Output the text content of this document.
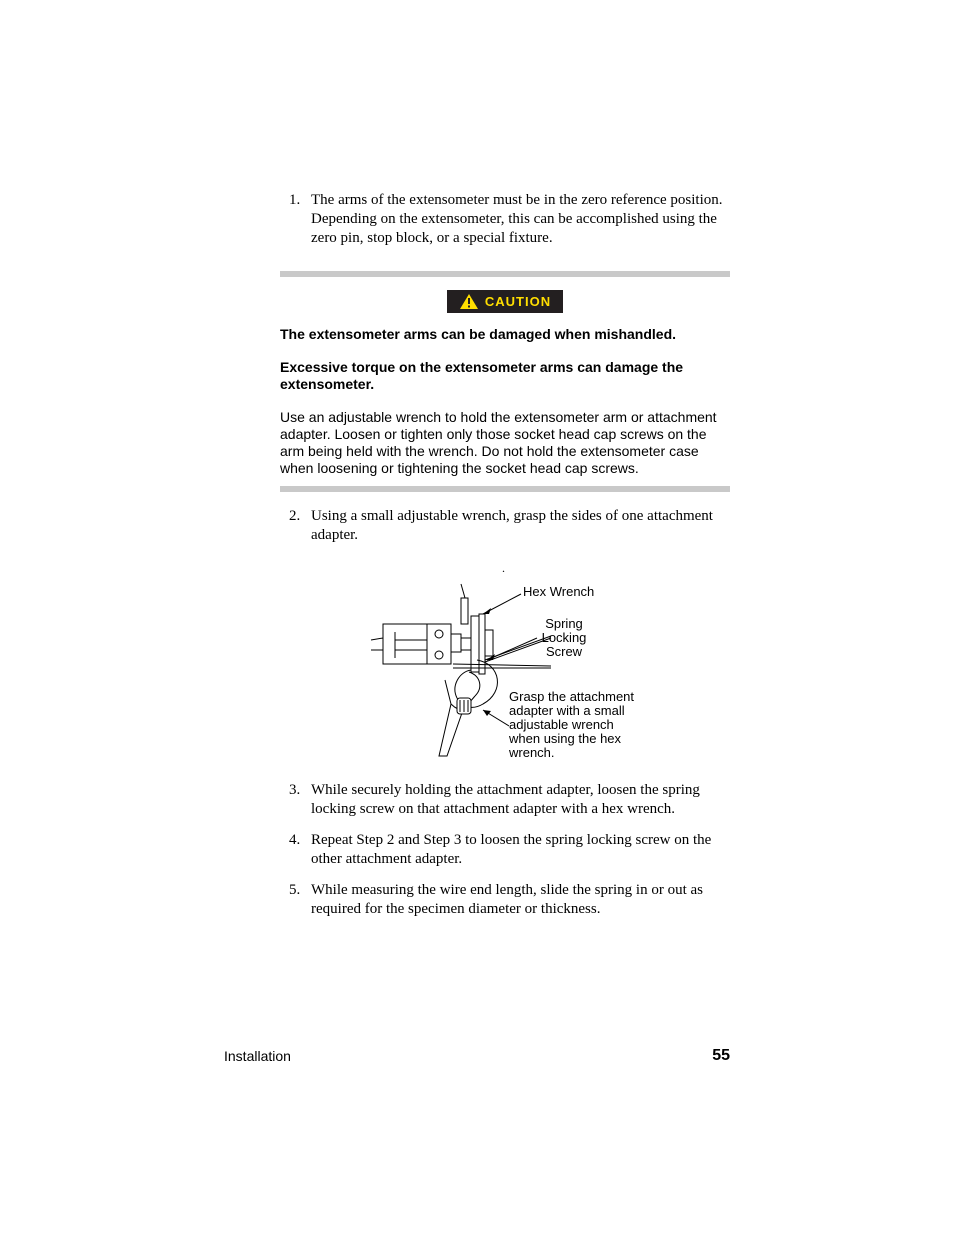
1. The arms of the extensometer must be in the zero reference position. Depending on the extensometer, this can be accomplished using the zero pin, stop block, or a special fixture.
CAUTION
The extensometer arms can be damaged when mishandled.
Excessive torque on the extensometer arms can damage the extensometer.
Use an adjustable wrench to hold the extensometer arm or attachment adapter. Loosen or tighten only those socket head cap screws on the arm being held with the wrench. Do not hold the extensometer case when loosening or tightening the socket head cap screws.
2. Using a small adjustable wrench, grasp the sides of one attachment adapter.
.
Hex Wrench
Spring
Locking
Screw
Grasp the attachment
adapter with a small
adjustable wrench
when using the hex
wrench.
3. While securely holding the attachment adapter, loosen the spring locking screw on that attachment adapter with a hex wrench.
4. Repeat Step 2 and Step 3 to loosen the spring locking screw on the other attachment adapter.
5. While measuring the wire end length, slide the spring in or out as required for the specimen diameter or thickness.
Installation	55
